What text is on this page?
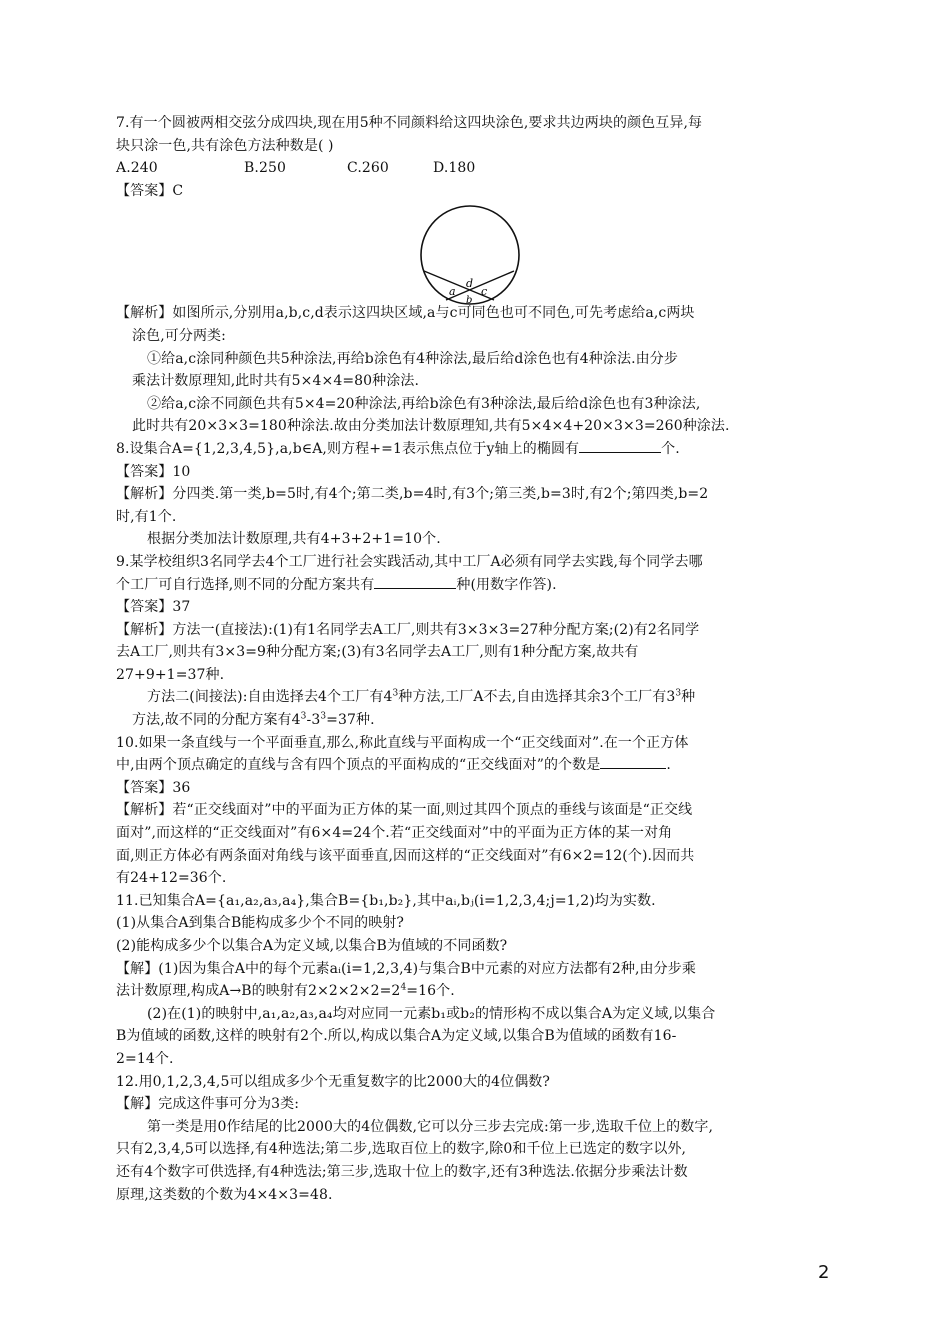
7.有一个圆被两相交弦分成四块,现在用5种不同颜料给这四块涂色,要求共边两块的颜色互异,每
块只涂一色,共有涂色方法种数是( )
A.240	B.250	C.260	D.180
【答案】C
d
a c
b
【解析】如图所示,分别用a,b,c,d表示这四块区域,a与c可同色也可不同色,可先考虑给a,c两块
涂色,可分两类:
①给a,c涂同种颜色共5种涂法,再给b涂色有4种涂法,最后给d涂色也有4种涂法.由分步
乘法计数原理知,此时共有5×4×4=80种涂法.
②给a,c涂不同颜色共有5×4=20种涂法,再给b涂色有3种涂法,最后给d涂色也有3种涂法,
此时共有20×3×3=180种涂法.故由分类加法计数原理知,共有5×4×4+20×3×3=260种涂法.
8.设集合A={1,2,3,4,5},a,b∈A,则方程+=1表示焦点位于y轴上的椭圆有	个.
【答案】10
【解析】分四类.第一类,b=5时,有4个;第二类,b=4时,有3个;第三类,b=3时,有2个;第四类,b=2
时,有1个.
根据分类加法计数原理,共有4+3+2+1=10个.
9.某学校组织3名同学去4个工厂进行社会实践活动,其中工厂A必须有同学去实践,每个同学去哪
个工厂可自行选择,则不同的分配方案共有	种(用数字作答).
【答案】37
【解析】方法一(直接法):(1)有1名同学去A工厂,则共有3×3×3=27种分配方案;(2)有2名同学
去A工厂,则共有3×3=9种分配方案;(3)有3名同学去A工厂,则有1种分配方案,故共有
27+9+1=37种.
方法二(间接法):自由选择去4个工厂有$4^3$种方法,工厂A不去,自由选择其余3个工厂有$3^3$种
方法,故不同的分配方案有$4^3-3^3=37$种.
10.如果一条直线与一个平面垂直,那么,称此直线与平面构成一个“正交线面对”.在一个正方体
中,由两个顶点确定的直线与含有四个顶点的平面构成的“正交线面对”的个数是	.
【答案】36
【解析】若“正交线面对”中的平面为正方体的某一面,则过其四个顶点的垂线与该面是“正交线
面对”,而这样的“正交线面对”有6×4=24个.若“正交线面对”中的平面为正方体的某一对角
面,则正方体必有两条面对角线与该平面垂直,因而这样的“正交线面对”有6×2=12(个).因而共
有24+12=36个.
11.已知集合A={a₁,a₂,a₃,a₄},集合B={b₁,b₂},其中aᵢ,bⱼ(i=1,2,3,4;j=1,2)均为实数.
(1)从集合A到集合B能构成多少个不同的映射?
(2)能构成多少个以集合A为定义域,以集合B为值域的不同函数?
【解】(1)因为集合A中的每个元素aᵢ(i=1,2,3,4)与集合B中元素的对应方法都有2种,由分步乘
法计数原理,构成A→B的映射有$2\times 2\times 2\times 2=2^4=16$个.
(2)在(1)的映射中,a₁,a₂,a₃,a₄均对应同一元素b₁或b₂的情形构不成以集合A为定义域,以集合
B为值域的函数,这样的映射有2个.所以,构成以集合A为定义域,以集合B为值域的函数有16-
2=14个.
12.用0,1,2,3,4,5可以组成多少个无重复数字的比2000大的4位偶数?
【解】完成这件事可分为3类:
第一类是用0作结尾的比2000大的4位偶数,它可以分三步去完成:第一步,选取千位上的数字,
只有2,3,4,5可以选择,有4种选法;第二步,选取百位上的数字,除0和千位上已选定的数字以外,
还有4个数字可供选择,有4种选法;第三步,选取十位上的数字,还有3种选法.依据分步乘法计数
原理,这类数的个数为4×4×3=48.
2
